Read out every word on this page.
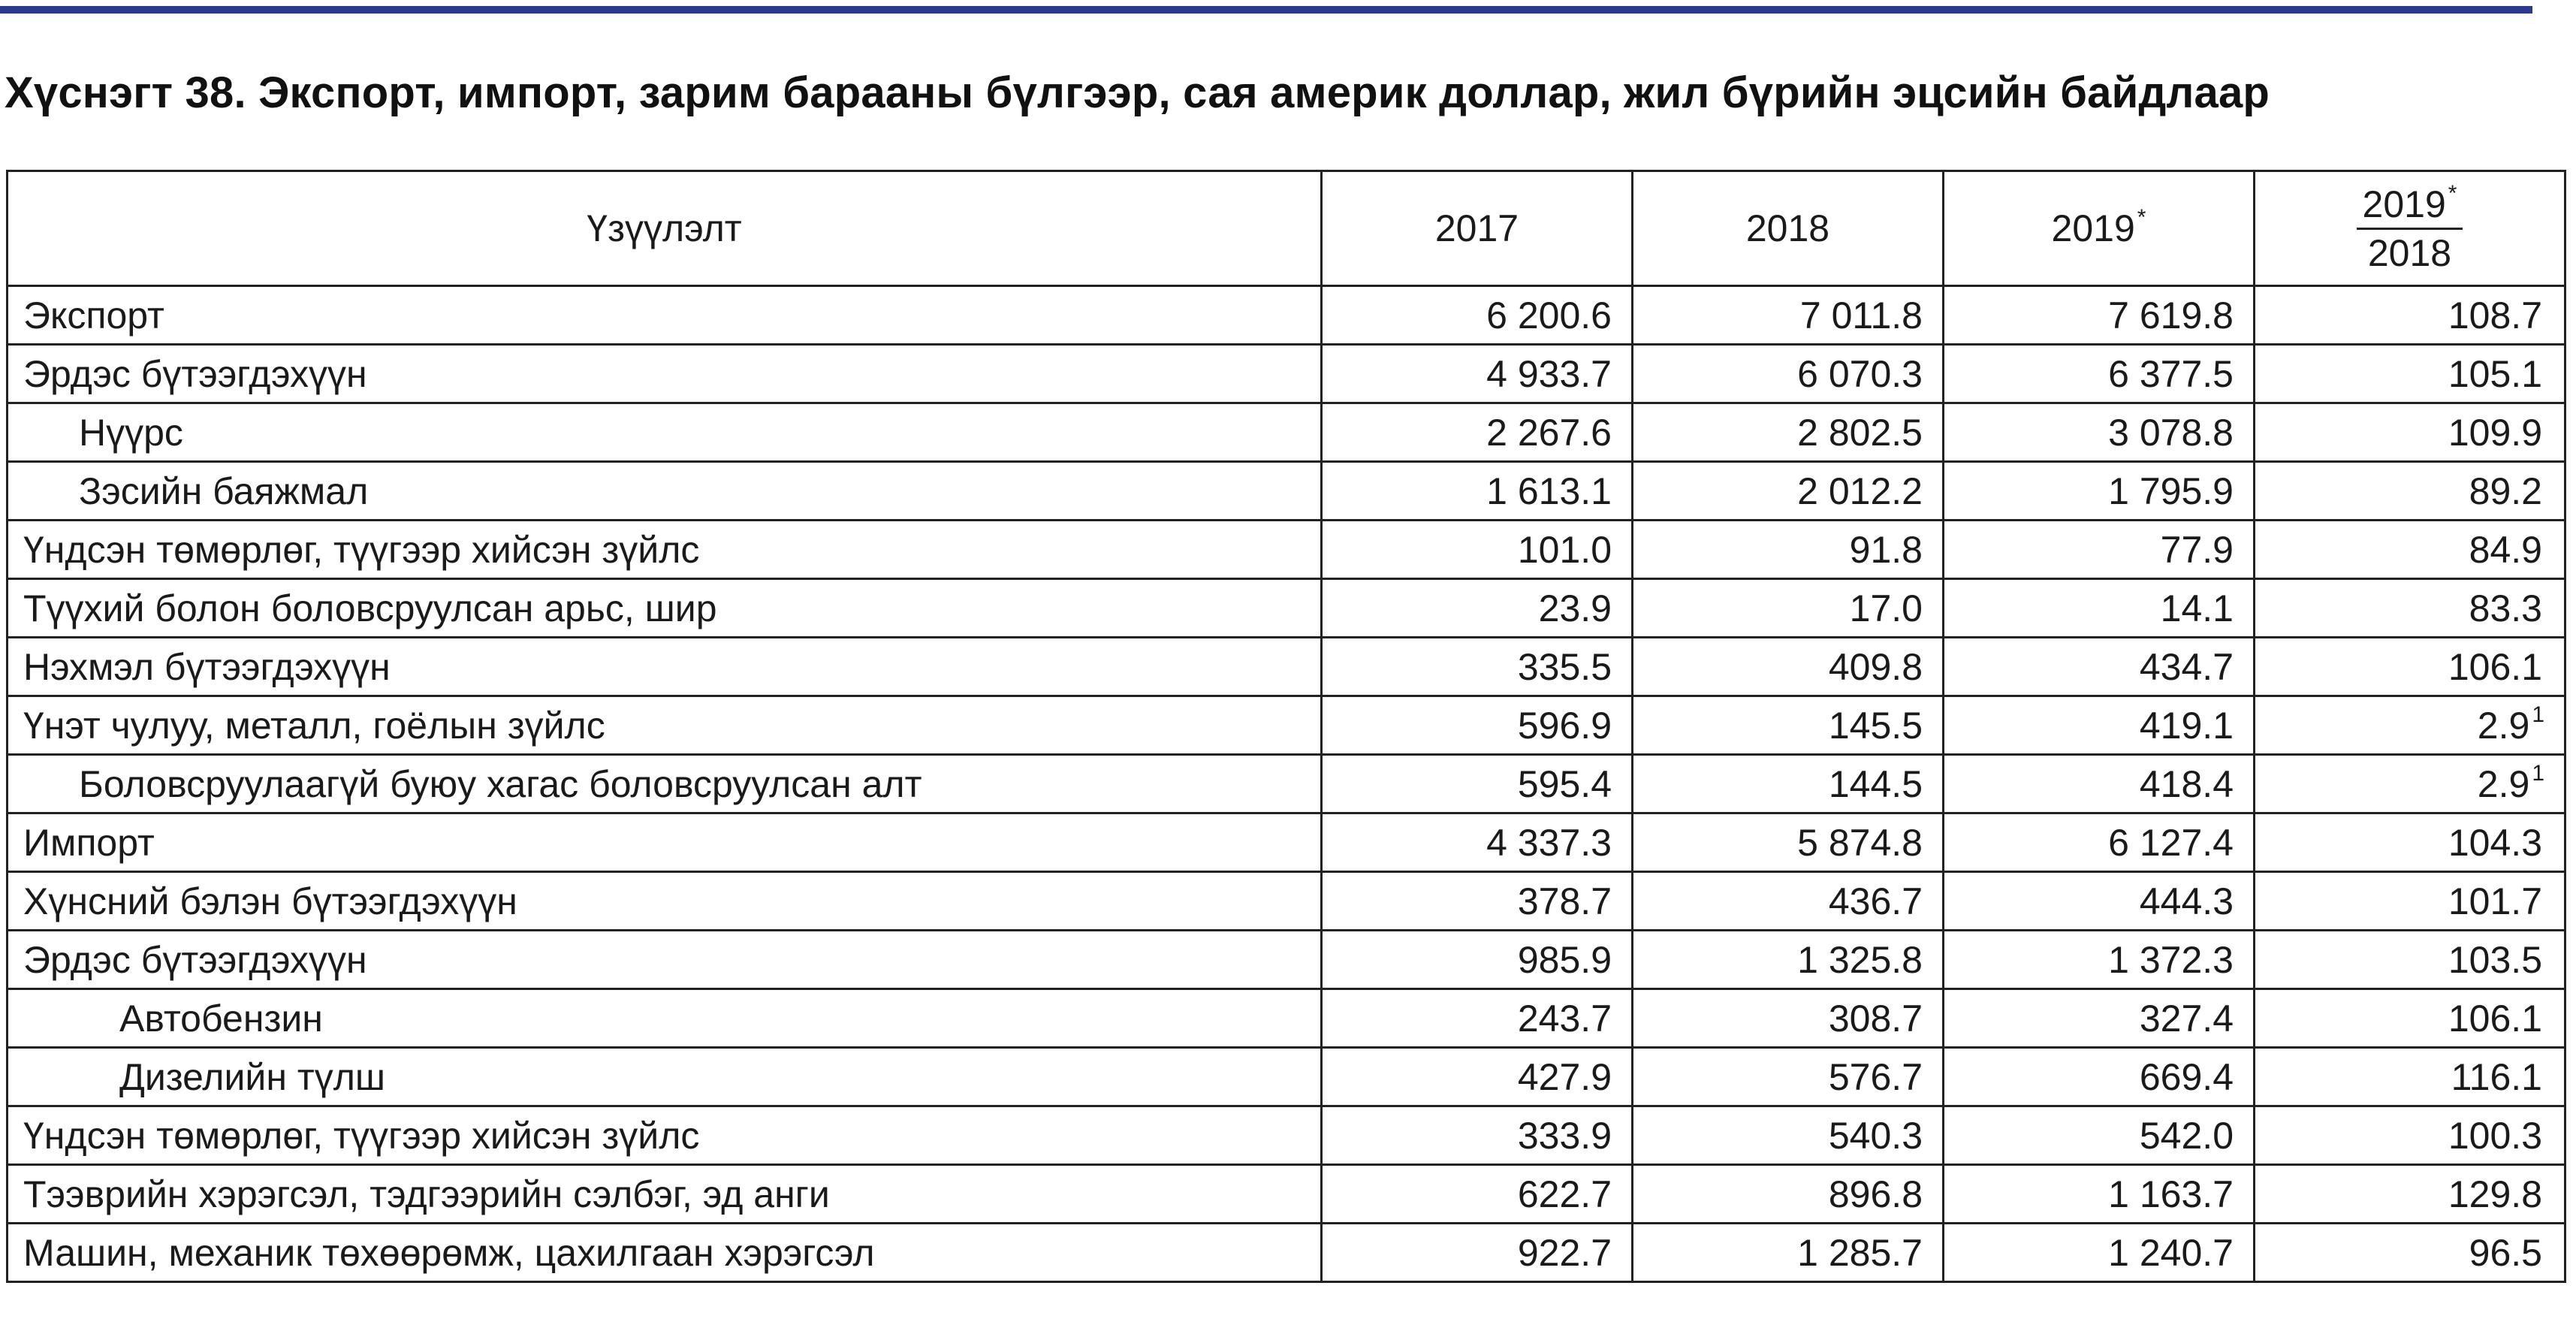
Хүснэгт 38. Экспорт, импорт, зарим барааны бүлгээр, сая америк доллар, жил бүрийн эцсийн байдлаар
Үзүүлэлт	2017	2018	2019 *	$\frac{2019 ^*}{2018}$

Экспорт	6 200.6	7 011.8	7 619.8	108.7
Эрдэс бүтээгдэхүүн	4 933.7	6 070.3	6 377.5	105.1
Нүүрс	2 267.6	2 802.5	3 078.8	109.9
Зэсийн баяжмал	1 613.1	2 012.2	1 795.9	89.2
Үндсэн төмөрлөг, түүгээр хийсэн зүйлс	101.0	91.8	77.9	84.9
Түүхий болон боловсруулсан арьс, шир	23.9	17.0	14.1	83.3
Нэхмэл бүтээгдэхүүн	335.5	409.8	434.7	106.1
Үнэт чулуу, металл, гоёлын зүйлс	596.9	145.5	419.1	2.9 $^1$
Боловсруулаагүй буюу хагас боловсруулсан алт	595.4	144.5	418.4	2.9 $^1$
Импорт	4 337.3	5 874.8	6 127.4	104.3
Хүнсний бэлэн бүтээгдэхүүн	378.7	436.7	444.3	101.7
Эрдэс бүтээгдэхүүн	985.9	1 325.8	1 372.3	103.5
Автобензин	243.7	308.7	327.4	106.1
Дизелийн түлш	427.9	576.7	669.4	116.1
Үндсэн төмөрлөг, түүгээр хийсэн зүйлс	333.9	540.3	542.0	100.3
Тээврийн хэрэгсэл, тэдгээрийн сэлбэг, эд анги	622.7	896.8	1 163.7	129.8
Машин, механик төхөөрөмж, цахилгаан хэрэгсэл	922.7	1 285.7	1 240.7	96.5
